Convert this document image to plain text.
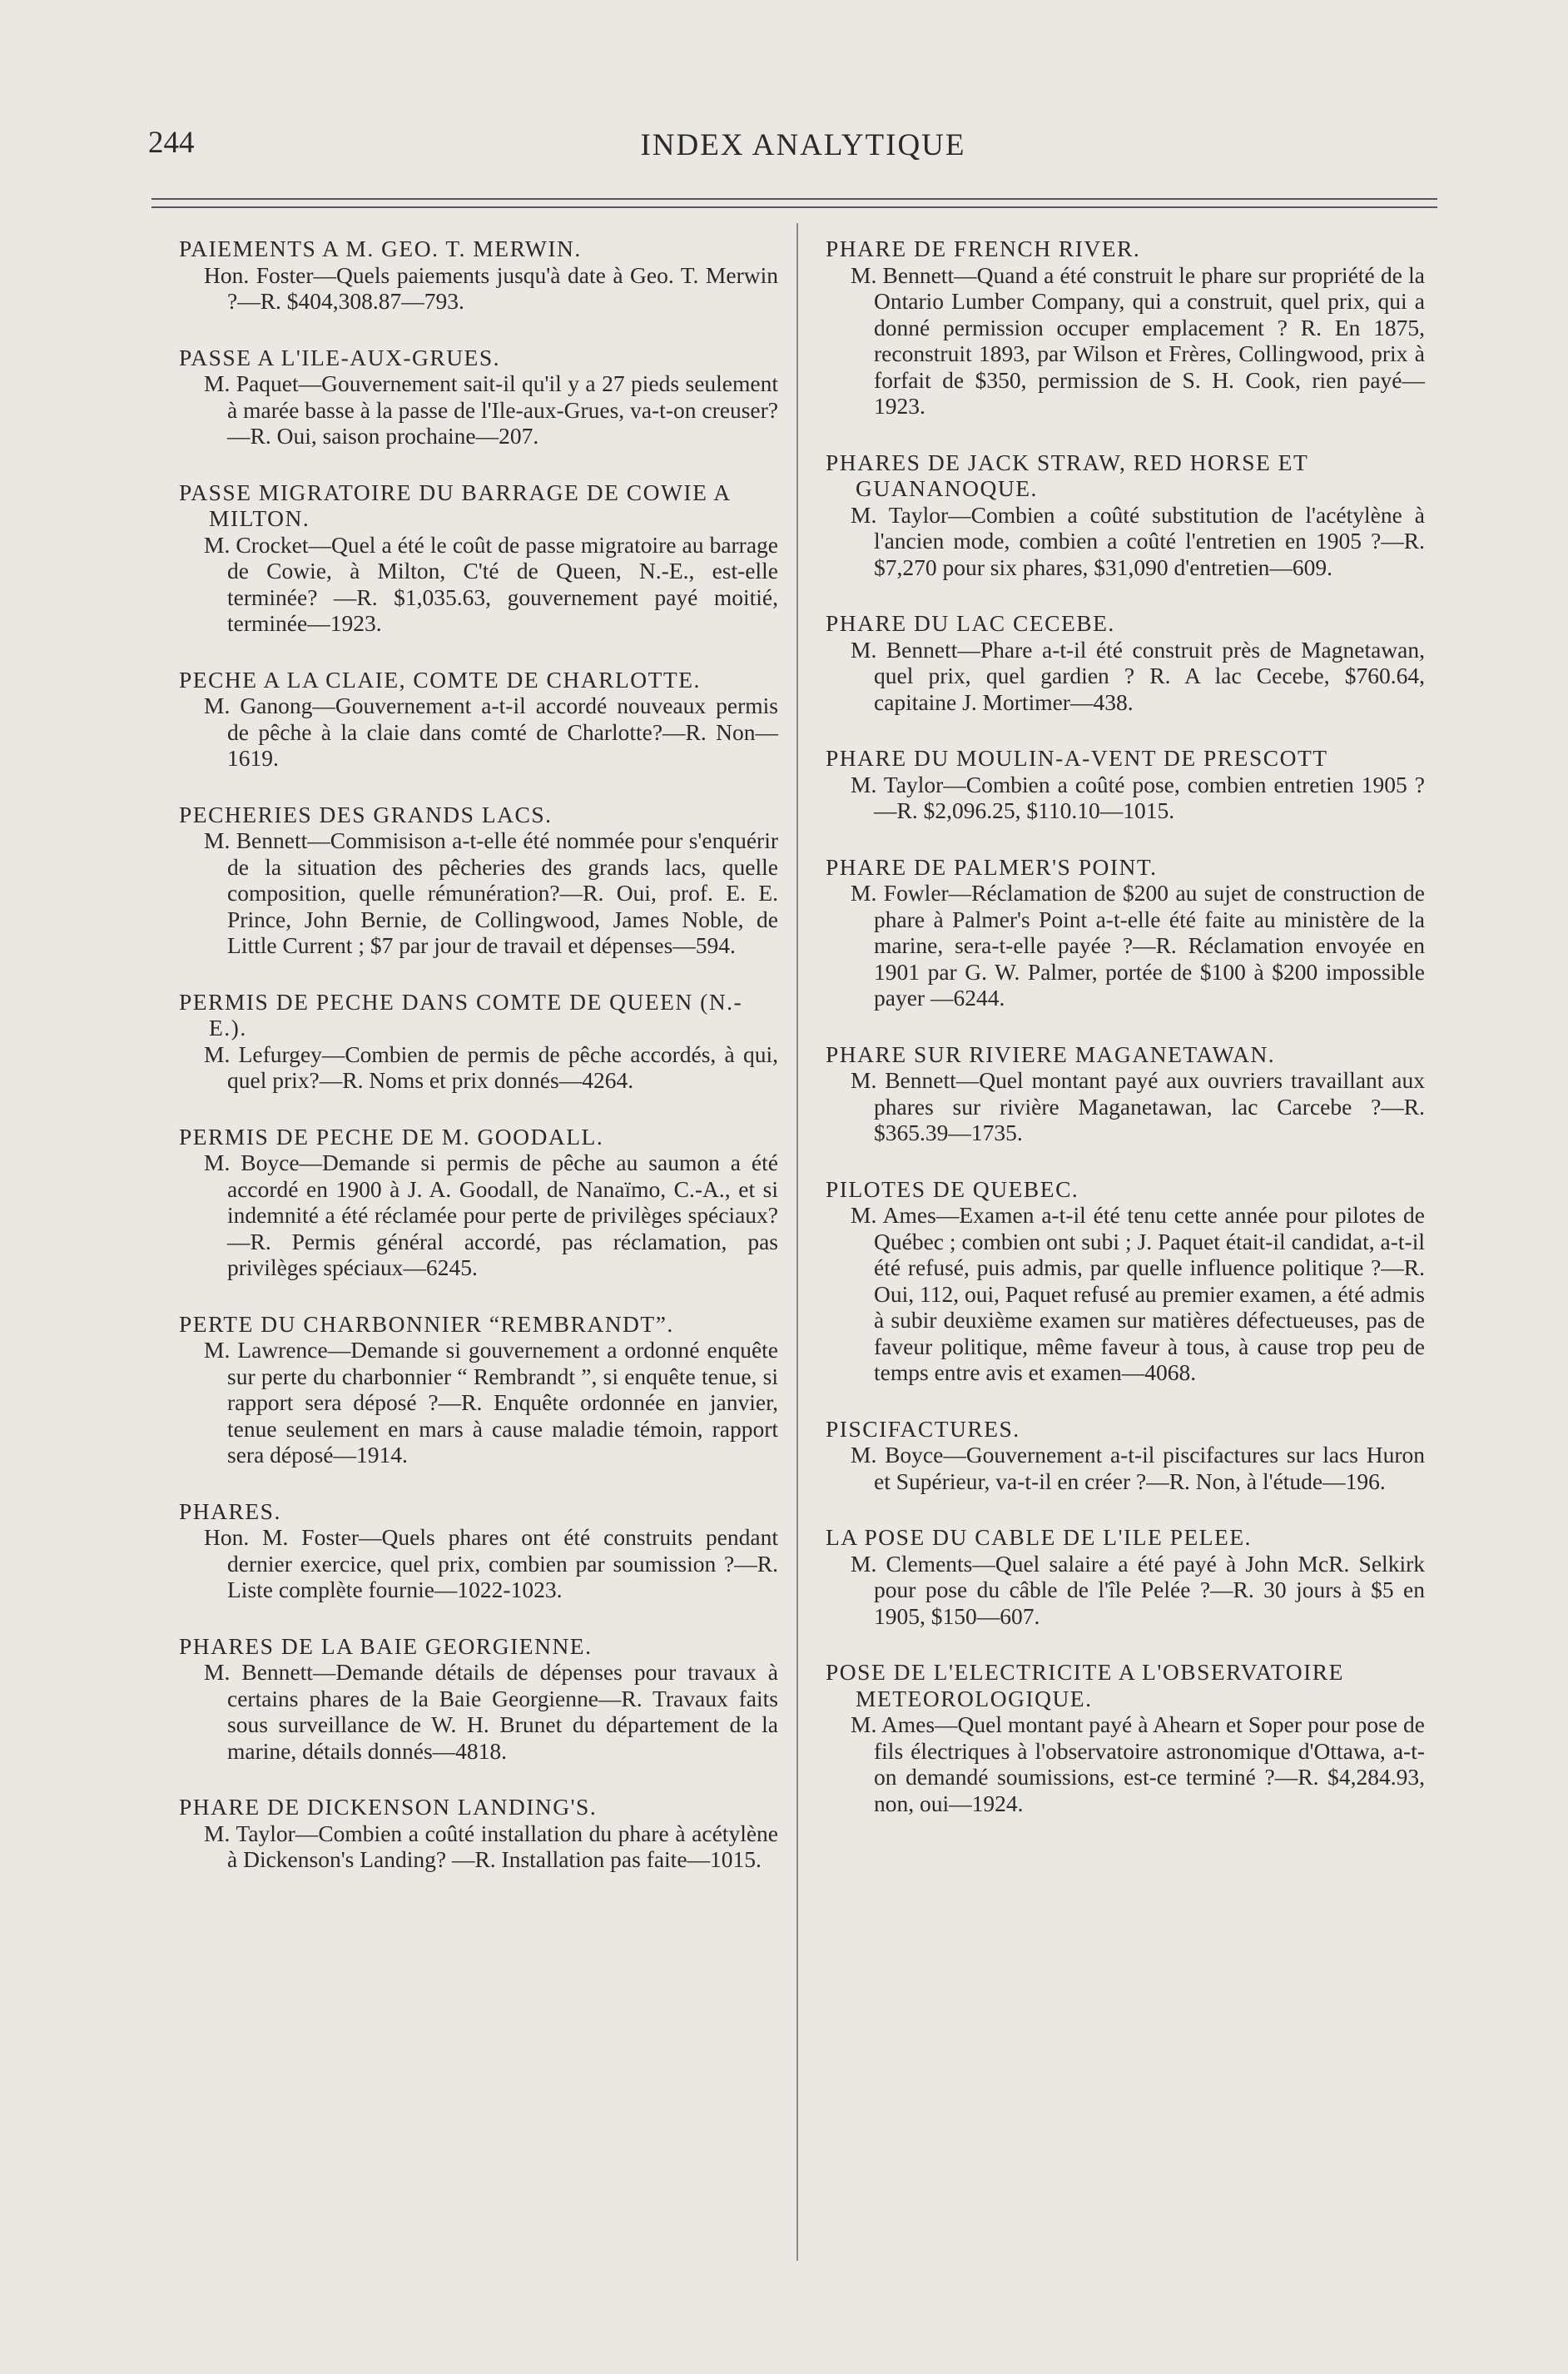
244	INDEX ANALYTIQUE
PAIEMENTS A M. GEO. T. MERWIN.
Hon. Foster—Quels paiements jusqu'à date à Geo. T. Merwin ?—R. $404,308.87—793.
PASSE A L'ILE-AUX-GRUES.
M. Paquet—Gouvernement sait-il qu'il y a 27 pieds seulement à marée basse à la passe de l'Ile-aux-Grues, va-t-on creuser? —R. Oui, saison prochaine—207.
PASSE MIGRATOIRE DU BARRAGE DE COWIE A MILTON.
M. Crocket—Quel a été le coût de passe migratoire au barrage de Cowie, à Milton, C'té de Queen, N.-E., est-elle terminée? —R. $1,035.63, gouvernement payé moitié, terminée—1923.
PECHE A LA CLAIE, COMTE DE CHARLOTTE.
M. Ganong—Gouvernement a-t-il accordé nouveaux permis de pêche à la claie dans comté de Charlotte?—R. Non—1619.
PECHERIES DES GRANDS LACS.
M. Bennett—Commisison a-t-elle été nommée pour s'enquérir de la situation des pêcheries des grands lacs, quelle composition, quelle rémunération?—R. Oui, prof. E. E. Prince, John Bernie, de Collingwood, James Noble, de Little Current ; $7 par jour de travail et dépenses—594.
PERMIS DE PECHE DANS COMTE DE QUEEN (N.-E.).
M. Lefurgey—Combien de permis de pêche accordés, à qui, quel prix?—R. Noms et prix donnés—4264.
PERMIS DE PECHE DE M. GOODALL.
M. Boyce—Demande si permis de pêche au saumon a été accordé en 1900 à J. A. Goodall, de Nanaïmo, C.-A., et si indemnité a été réclamée pour perte de privilèges spéciaux?—R. Permis général accordé, pas réclamation, pas privilèges spéciaux—6245.
PERTE DU CHARBONNIER “REMBRANDT”.
M. Lawrence—Demande si gouvernement a ordonné enquête sur perte du charbonnier “ Rembrandt ”, si enquête tenue, si rapport sera déposé ?—R. Enquête ordonnée en janvier, tenue seulement en mars à cause maladie témoin, rapport sera déposé—1914.
PHARES.
Hon. M. Foster—Quels phares ont été construits pendant dernier exercice, quel prix, combien par soumission ?—R. Liste complète fournie—1022-1023.
PHARES DE LA BAIE GEORGIENNE.
M. Bennett—Demande détails de dépenses pour travaux à certains phares de la Baie Georgienne—R. Travaux faits sous surveillance de W. H. Brunet du département de la marine, détails donnés—4818.
PHARE DE DICKENSON LANDING'S.
M. Taylor—Combien a coûté installation du phare à acétylène à Dickenson's Landing? —R. Installation pas faite—1015.
PHARE DE FRENCH RIVER.
M. Bennett—Quand a été construit le phare sur propriété de la Ontario Lumber Company, qui a construit, quel prix, qui a donné permission occuper emplacement ? R. En 1875, reconstruit 1893, par Wilson et Frères, Collingwood, prix à forfait de $350, permission de S. H. Cook, rien payé—1923.
PHARES DE JACK STRAW, RED HORSE ET GUANANOQUE.
M. Taylor—Combien a coûté substitution de l'acétylène à l'ancien mode, combien a coûté l'entretien en 1905 ?—R. $7,270 pour six phares, $31,090 d'entretien—609.
PHARE DU LAC CECEBE.
M. Bennett—Phare a-t-il été construit près de Magnetawan, quel prix, quel gardien ? R. A lac Cecebe, $760.64, capitaine J. Mortimer—438.
PHARE DU MOULIN-A-VENT DE PRESCOTT
M. Taylor—Combien a coûté pose, combien entretien 1905 ?—R. $2,096.25, $110.10—1015.
PHARE DE PALMER'S POINT.
M. Fowler—Réclamation de $200 au sujet de construction de phare à Palmer's Point a-t-elle été faite au ministère de la marine, sera-t-elle payée ?—R. Réclamation envoyée en 1901 par G. W. Palmer, portée de $100 à $200 impossible payer —6244.
PHARE SUR RIVIERE MAGANETAWAN.
M. Bennett—Quel montant payé aux ouvriers travaillant aux phares sur rivière Maganetawan, lac Carcebe ?—R. $365.39—1735.
PILOTES DE QUEBEC.
M. Ames—Examen a-t-il été tenu cette année pour pilotes de Québec ; combien ont subi ; J. Paquet était-il candidat, a-t-il été refusé, puis admis, par quelle influence politique ?—R. Oui, 112, oui, Paquet refusé au premier examen, a été admis à subir deuxième examen sur matières défectueuses, pas de faveur politique, même faveur à tous, à cause trop peu de temps entre avis et examen—4068.
PISCIFACTURES.
M. Boyce—Gouvernement a-t-il piscifactures sur lacs Huron et Supérieur, va-t-il en créer ?—R. Non, à l'étude—196.
LA POSE DU CABLE DE L'ILE PELEE.
M. Clements—Quel salaire a été payé à John McR. Selkirk pour pose du câble de l'île Pelée ?—R. 30 jours à $5 en 1905, $150—607.
POSE DE L'ELECTRICITE A L'OBSERVATOIRE METEOROLOGIQUE.
M. Ames—Quel montant payé à Ahearn et Soper pour pose de fils électriques à l'observatoire astronomique d'Ottawa, a-t-on demandé soumissions, est-ce terminé ?—R. $4,284.93, non, oui—1924.
